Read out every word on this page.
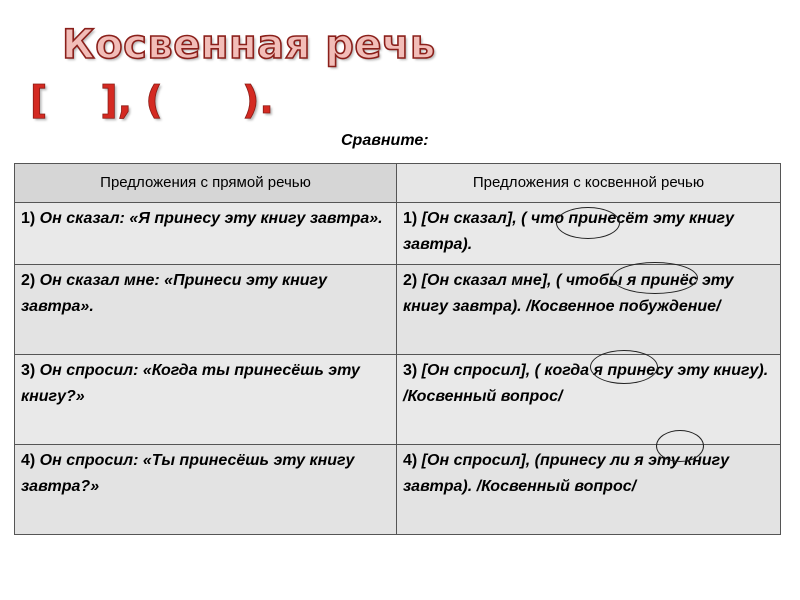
Косвенная речь
[    ], (      ).
Сравните:
Предложения с прямой речью	Предложения с косвенной речью
1) Он сказал: «Я принесу эту книгу завтра».	1) [Он сказал], ( что принесёт эту книгу завтра).
2) Он сказал мне: «Принеси эту книгу завтра».	2) [Он сказал мне], ( чтобы я принёс эту книгу завтра). /Косвенное побуждение/
3) Он спросил: «Когда ты принесёшь эту книгу?»	3) [Он спросил], ( когда я принесу эту книгу). /Косвенный вопрос/
4) Он спросил: «Ты принесёшь эту книгу завтра?»	4) [Он спросил], (принесу ли я эту книгу завтра). /Косвенный вопрос/
